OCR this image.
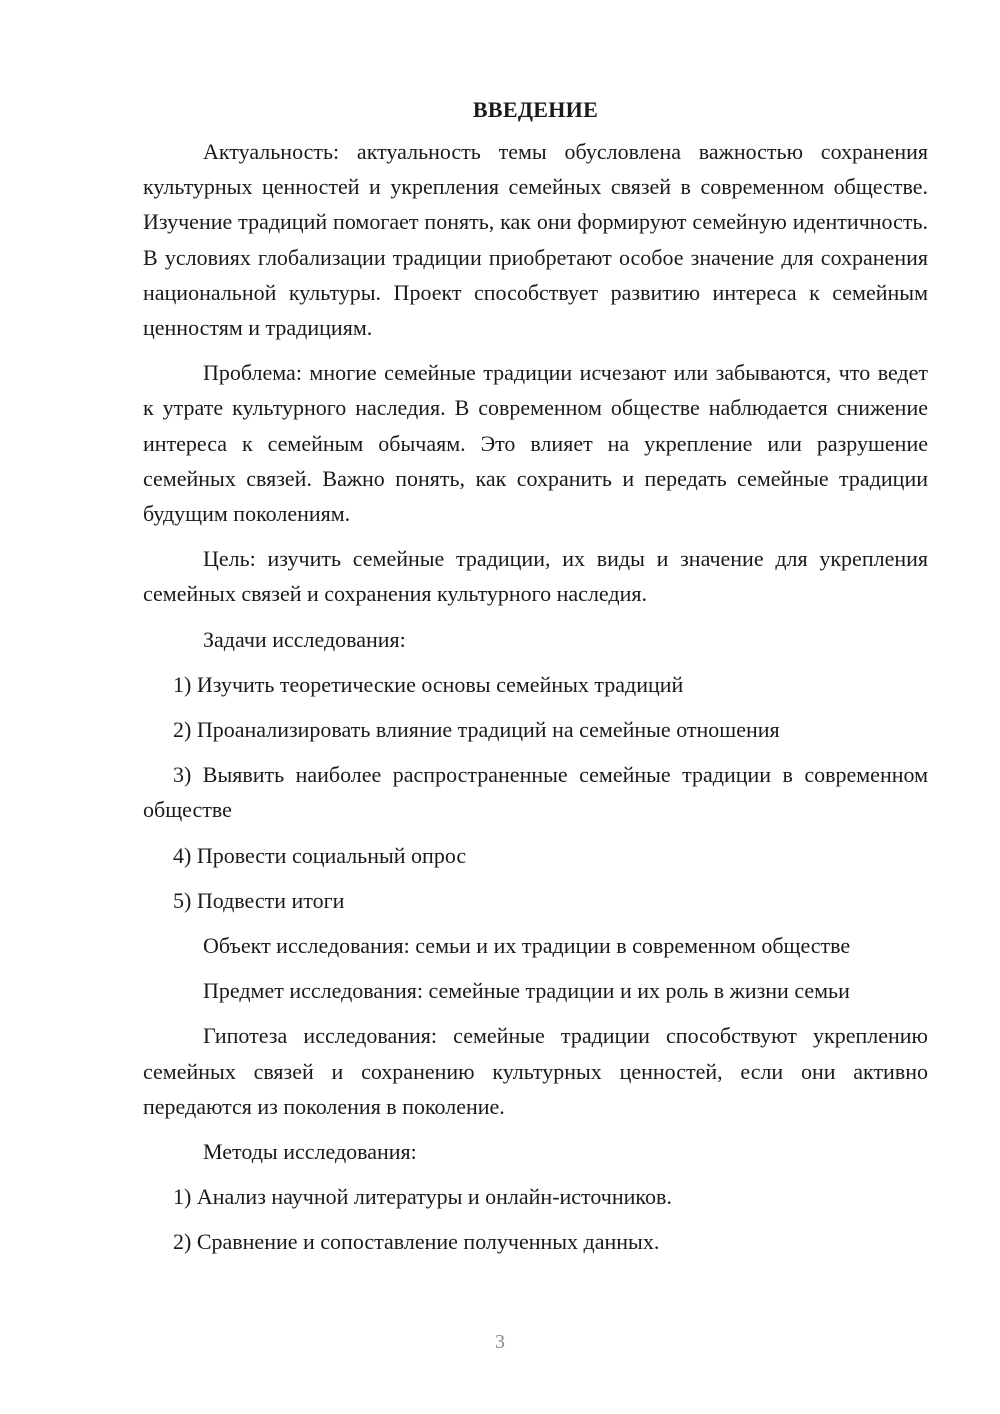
ВВЕДЕНИЕ

Актуальность: актуальность темы обусловлена важностью сохранения культурных ценностей и укрепления семейных связей в современном обществе. Изучение традиций помогает понять, как они формируют семейную идентичность. В условиях глобализации традиции приобретают особое значение для сохранения национальной культуры. Проект способствует развитию интереса к семейным ценностям и традициям.

Проблема: многие семейные традиции исчезают или забываются, что ведет к утрате культурного наследия. В современном обществе наблюдается снижение интереса к семейным обычаям. Это влияет на укрепление или разрушение семейных связей. Важно понять, как сохранить и передать семейные традиции будущим поколениям.

Цель: изучить семейные традиции, их виды и значение для укрепления семейных связей и сохранения культурного наследия.

Задачи исследования:

1) Изучить теоретические основы семейных традиций

2) Проанализировать влияние традиций на семейные отношения

3) Выявить наиболее распространенные семейные традиции в современном обществе

4) Провести социальный опрос

5) Подвести итоги

Объект исследования: семьи и их традиции в современном обществе

Предмет исследования: семейные традиции и их роль в жизни семьи

Гипотеза исследования: семейные традиции способствуют укреплению семейных связей и сохранению культурных ценностей, если они активно передаются из поколения в поколение.

Методы исследования:

1) Анализ научной литературы и онлайн-источников.

2) Сравнение и сопоставление полученных данных.

3
